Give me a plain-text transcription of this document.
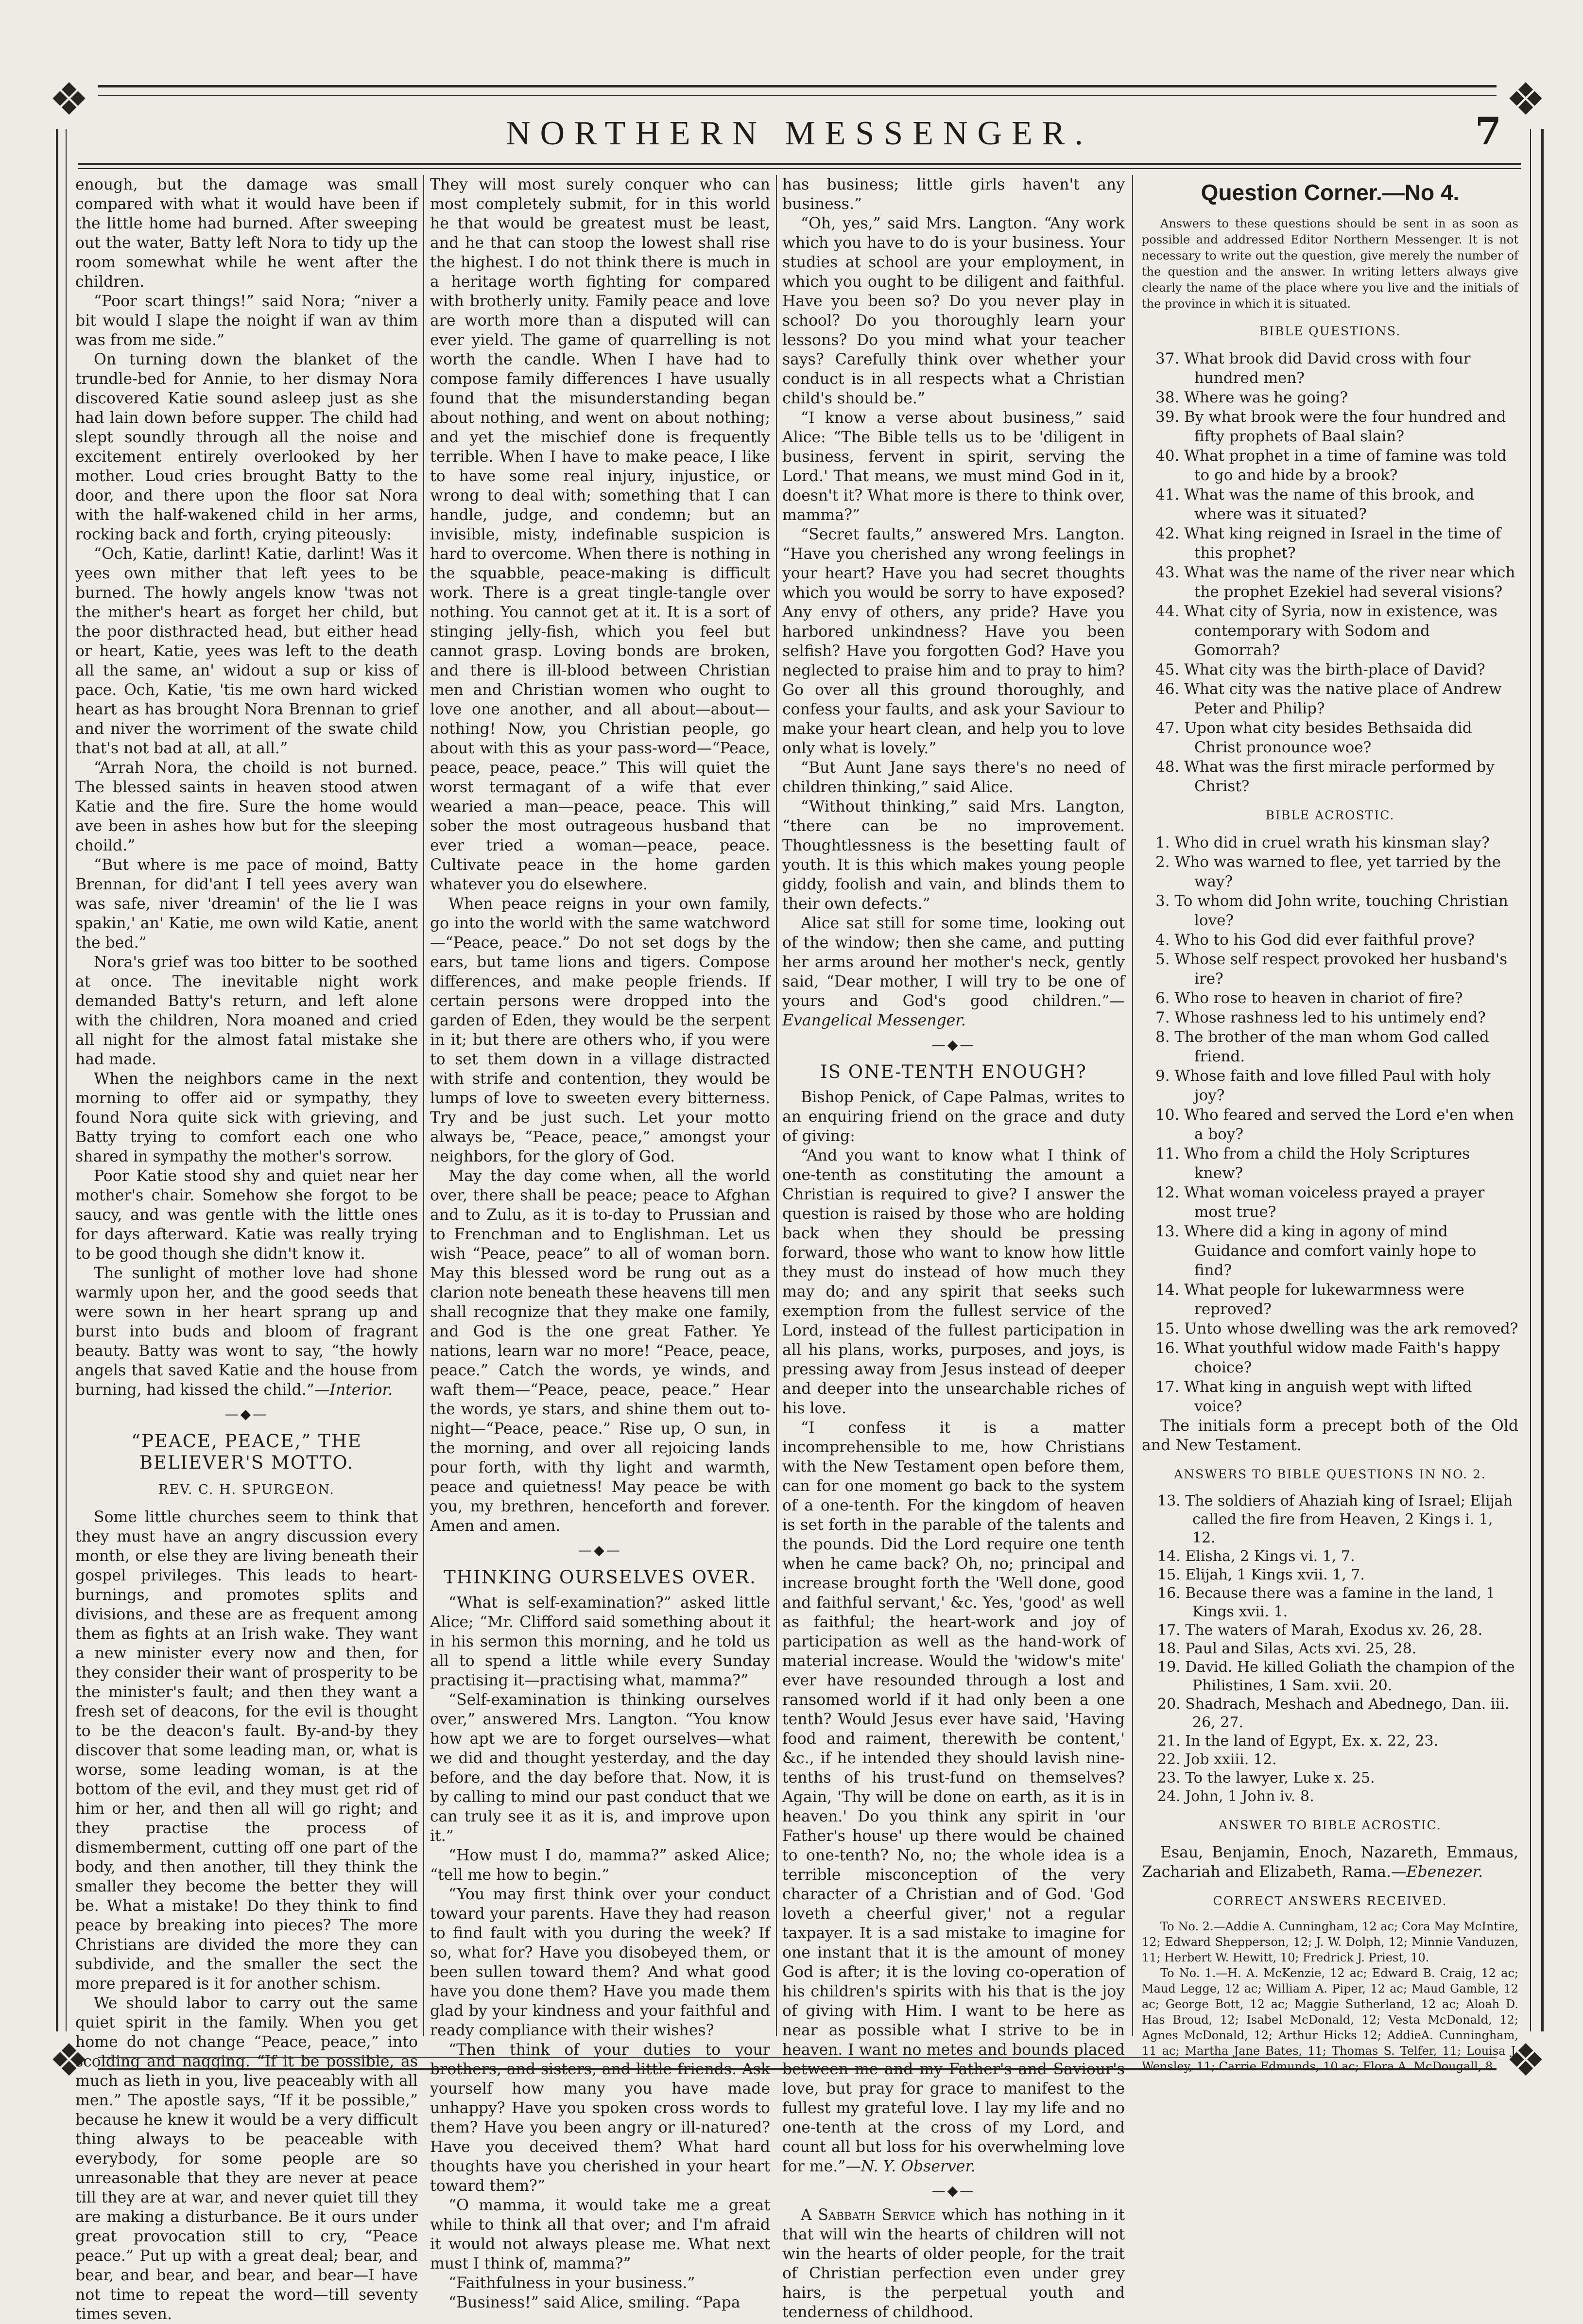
❖	❖
❖	❖
NORTHERN MESSENGER.	7

enough, but the damage was small compared with what it would have been if the little home had burned. After sweeping out the water, Batty left Nora to tidy up the room somewhat while he went after the children.

“Poor scart things!” said Nora; “niver a bit would I slape the noight if wan av thim was from me side.”

On turning down the blanket of the trundle-bed for Annie, to her dismay Nora discovered Katie sound asleep just as she had lain down before supper. The child had slept soundly through all the noise and excitement entirely overlooked by her mother. Loud cries brought Batty to the door, and there upon the floor sat Nora with the half-wakened child in her arms, rocking back and forth, crying piteously:

“Och, Katie, darlint! Katie, darlint! Was it yees own mither that left yees to be burned. The howly angels know 'twas not the mither's heart as forget her child, but the poor disthracted head, but either head or heart, Katie, yees was left to the death all the same, an' widout a sup or kiss of pace. Och, Katie, 'tis me own hard wicked heart as has brought Nora Brennan to grief and niver the worriment of the swate child that's not bad at all, at all.”

“Arrah Nora, the choild is not burned. The blessed saints in heaven stood atwen Katie and the fire. Sure the home would ave been in ashes how but for the sleeping choild.”

“But where is me pace of moind, Batty Brennan, for did'ant I tell yees avery wan was safe, niver 'dreamin' of the lie I was spakin,' an' Katie, me own wild Katie, anent the bed.”

Nora's grief was too bitter to be soothed at once. The inevitable night work demanded Batty's return, and left alone with the children, Nora moaned and cried all night for the almost fatal mistake she had made.

When the neighbors came in the next morning to offer aid or sympathy, they found Nora quite sick with grieving, and Batty trying to comfort each one who shared in sympathy the mother's sorrow.

Poor Katie stood shy and quiet near her mother's chair. Somehow she forgot to be saucy, and was gentle with the little ones for days afterward. Katie was really trying to be good though she didn't know it.

The sunlight of mother love had shone warmly upon her, and the good seeds that were sown in her heart sprang up and burst into buds and bloom of fragrant beauty. Batty was wont to say, “the howly angels that saved Katie and the house from burning, had kissed the child.”—Interior.

—◆—
“PEACE, PEACE,” THE BELIEVER'S MOTTO.
REV. C. H. SPURGEON.

Some little churches seem to think that they must have an angry discussion every month, or else they are living beneath their gospel privileges. This leads to heart-burnings, and promotes splits and divisions, and these are as frequent among them as fights at an Irish wake. They want a new minister every now and then, for they consider their want of prosperity to be the minister's fault; and then they want a fresh set of deacons, for the evil is thought to be the deacon's fault. By-and-by they discover that some leading man, or, what is worse, some leading woman, is at the bottom of the evil, and they must get rid of him or her, and then all will go right; and they practise the process of dismemberment, cutting off one part of the body, and then another, till they think the smaller they become the better they will be. What a mistake! Do they think to find peace by breaking into pieces? The more Christians are divided the more they can subdivide, and the smaller the sect the more prepared is it for another schism.

We should labor to carry out the same quiet spirit in the family. When you get home do not change “Peace, peace,” into scolding and nagging. “If it be possible, as much as lieth in you, live peaceably with all men.” The apostle says, “If it be possible,” because he knew it would be a very difficult thing always to be peaceable with everybody, for some people are so unreasonable that they are never at peace till they are at war, and never quiet till they are making a disturbance. Be it ours under great provocation still to cry, “Peace peace.” Put up with a great deal; bear, and bear, and bear, and bear, and bear—I have not time to repeat the word—till seventy times seven.

They will most surely conquer who can most completely submit, for in this world he that would be greatest must be least, and he that can stoop the lowest shall rise the highest. I do not think there is much in a heritage worth fighting for compared with brotherly unity. Family peace and love are worth more than a disputed will can ever yield. The game of quarrelling is not worth the candle. When I have had to compose family differences I have usually found that the misunderstanding began about nothing, and went on about nothing; and yet the mischief done is frequently terrible. When I have to make peace, I like to have some real injury, injustice, or wrong to deal with; something that I can handle, judge, and condemn; but an invisible, misty, indefinable suspicion is hard to overcome. When there is nothing in the squabble, peace-making is difficult work. There is a great tingle-tangle over nothing. You cannot get at it. It is a sort of stinging jelly-fish, which you feel but cannot grasp. Loving bonds are broken, and there is ill-blood between Christian men and Christian women who ought to love one another, and all about—about—nothing! Now, you Christian people, go about with this as your pass-word—“Peace, peace, peace, peace.” This will quiet the worst termagant of a wife that ever wearied a man—peace, peace. This will sober the most outrageous husband that ever tried a woman—peace, peace. Cultivate peace in the home garden whatever you do elsewhere.

When peace reigns in your own family, go into the world with the same watchword—“Peace, peace.” Do not set dogs by the ears, but tame lions and tigers. Compose differences, and make people friends. If certain persons were dropped into the garden of Eden, they would be the serpent in it; but there are others who, if you were to set them down in a village distracted with strife and contention, they would be lumps of love to sweeten every bitterness. Try and be just such. Let your motto always be, “Peace, peace,” amongst your neighbors, for the glory of God.

May the day come when, all the world over, there shall be peace; peace to Afghan and to Zulu, as it is to-day to Prussian and to Frenchman and to Englishman. Let us wish “Peace, peace” to all of woman born. May this blessed word be rung out as a clarion note beneath these heavens till men shall recognize that they make one family, and God is the one great Father. Ye nations, learn war no more! “Peace, peace, peace.” Catch the words, ye winds, and waft them—“Peace, peace, peace.” Hear the words, ye stars, and shine them out to-night—“Peace, peace.” Rise up, O sun, in the morning, and over all rejoicing lands pour forth, with thy light and warmth, peace and quietness! May peace be with you, my brethren, henceforth and forever. Amen and amen.

—◆—
THINKING OURSELVES OVER.

“What is self-examination?” asked little Alice; “Mr. Clifford said something about it in his sermon this morning, and he told us all to spend a little while every Sunday practising it—practising what, mamma?”

“Self-examination is thinking ourselves over,” answered Mrs. Langton. “You know how apt we are to forget ourselves—what we did and thought yesterday, and the day before, and the day before that. Now, it is by calling to mind our past conduct that we can truly see it as it is, and improve upon it.”

“How must I do, mamma?” asked Alice; “tell me how to begin.”

“You may first think over your conduct toward your parents. Have they had reason to find fault with you during the week? If so, what for? Have you disobeyed them, or been sullen toward them? And what good have you done them? Have you made them glad by your kindness and your faithful and ready compliance with their wishes?

“Then think of your duties to your brothers, and sisters, and little friends. Ask yourself how many you have made unhappy? Have you spoken cross words to them? Have you been angry or ill-natured? Have you deceived them? What hard thoughts have you cherished in your heart toward them?”

“O mamma, it would take me a great while to think all that over; and I'm afraid it would not always please me. What next must I think of, mamma?”

“Faithfulness in your business.”

“Business!” said Alice, smiling. “Papa

has business; little girls haven't any business.”

“Oh, yes,” said Mrs. Langton. “Any work which you have to do is your business. Your studies at school are your employment, in which you ought to be diligent and faithful. Have you been so? Do you never play in school? Do you thoroughly learn your lessons? Do you mind what your teacher says? Carefully think over whether your conduct is in all respects what a Christian child's should be.”

“I know a verse about business,” said Alice: “The Bible tells us to be 'diligent in business, fervent in spirit, serving the Lord.' That means, we must mind God in it, doesn't it? What more is there to think over, mamma?”

“Secret faults,” answered Mrs. Langton. “Have you cherished any wrong feelings in your heart? Have you had secret thoughts which you would be sorry to have exposed? Any envy of others, any pride? Have you harbored unkindness? Have you been selfish? Have you forgotten God? Have you neglected to praise him and to pray to him? Go over all this ground thoroughly, and confess your faults, and ask your Saviour to make your heart clean, and help you to love only what is lovely.”

“But Aunt Jane says there's no need of children thinking,” said Alice.

“Without thinking,” said Mrs. Langton, “there can be no improvement. Thoughtlessness is the besetting fault of youth. It is this which makes young people giddy, foolish and vain, and blinds them to their own defects.”

Alice sat still for some time, looking out of the window; then she came, and putting her arms around her mother's neck, gently said, “Dear mother, I will try to be one of yours and God's good children.”—Evangelical Messenger.

—◆—
IS ONE-TENTH ENOUGH?

Bishop Penick, of Cape Palmas, writes to an enquiring friend on the grace and duty of giving:

“And you want to know what I think of one-tenth as constituting the amount a Christian is required to give? I answer the question is raised by those who are holding back when they should be pressing forward, those who want to know how little they must do instead of how much they may do; and any spirit that seeks such exemption from the fullest service of the Lord, instead of the fullest participation in all his plans, works, purposes, and joys, is pressing away from Jesus instead of deeper and deeper into the unsearchable riches of his love.

“I confess it is a matter incomprehensible to me, how Christians with the New Testament open before them, can for one moment go back to the system of a one-tenth. For the kingdom of heaven is set forth in the parable of the talents and the pounds. Did the Lord require one tenth when he came back? Oh, no; principal and increase brought forth the 'Well done, good and faithful servant,' &c. Yes, 'good' as well as faithful; the heart-work and joy of participation as well as the hand-work of material increase. Would the 'widow's mite' ever have resounded through a lost and ransomed world if it had only been a one tenth? Would Jesus ever have said, 'Having food and raiment, therewith be content,' &c., if he intended they should lavish nine-tenths of his trust-fund on themselves? Again, 'Thy will be done on earth, as it is in heaven.' Do you think any spirit in 'our Father's house' up there would be chained to one-tenth? No, no; the whole idea is a terrible misconception of the very character of a Christian and of God. 'God loveth a cheerful giver,' not a regular taxpayer. It is a sad mistake to imagine for one instant that it is the amount of money God is after; it is the loving co-operation of his children's spirits with his that is the joy of giving with Him. I want to be here as near as possible what I strive to be in heaven. I want no metes and bounds placed between me and my Father's and Saviour's love, but pray for grace to manifest to the fullest my grateful love. I lay my life and no one-tenth at the cross of my Lord, and count all but loss for his overwhelming love for me.”—N. Y. Observer.

—◆—

A Sabbath Service which has nothing in it that will win the hearts of children will not win the hearts of older people, for the trait of Christian perfection even under grey hairs, is the perpetual youth and tenderness of childhood.

Question Corner.—No 4.

Answers to these questions should be sent in as soon as possible and addressed Editor Northern Messenger. It is not necessary to write out the question, give merely the number of the question and the answer. In writing letters always give clearly the name of the place where you live and the initials of the province in which it is situated.

BIBLE QUESTIONS.
37. What brook did David cross with four hundred men?
38. Where was he going?
39. By what brook were the four hundred and fifty prophets of Baal slain?
40. What prophet in a time of famine was told to go and hide by a brook?
41. What was the name of this brook, and where was it situated?
42. What king reigned in Israel in the time of this prophet?
43. What was the name of the river near which the prophet Ezekiel had several visions?
44. What city of Syria, now in existence, was contemporary with Sodom and Gomorrah?
45. What city was the birth-place of David?
46. What city was the native place of Andrew Peter and Philip?
47. Upon what city besides Bethsaida did Christ pronounce woe?
48. What was the first miracle performed by Christ?
BIBLE ACROSTIC.
1. Who did in cruel wrath his kinsman slay?
2. Who was warned to flee, yet tarried by the way?
3. To whom did John write, touching Christian love?
4. Who to his God did ever faithful prove?
5. Whose self respect provoked her husband's ire?
6. Who rose to heaven in chariot of fire?
7. Whose rashness led to his untimely end?
8. The brother of the man whom God called friend.
9. Whose faith and love filled Paul with holy joy?
10. Who feared and served the Lord e'en when a boy?
11. Who from a child the Holy Scriptures knew?
12. What woman voiceless prayed a prayer most true?
13. Where did a king in agony of mind Guidance and comfort vainly hope to find?
14. What people for lukewarmness were reproved?
15. Unto whose dwelling was the ark removed?
16. What youthful widow made Faith's happy choice?
17. What king in anguish wept with lifted voice?

The initials form a precept both of the Old and New Testament.

ANSWERS TO BIBLE QUESTIONS IN NO. 2.
13. The soldiers of Ahaziah king of Israel; Elijah called the fire from Heaven, 2 Kings i. 1, 12.
14. Elisha, 2 Kings vi. 1, 7.
15. Elijah, 1 Kings xvii. 1, 7.
16. Because there was a famine in the land, 1 Kings xvii. 1.
17. The waters of Marah, Exodus xv. 26, 28.
18. Paul and Silas, Acts xvi. 25, 28.
19. David. He killed Goliath the champion of the Philistines, 1 Sam. xvii. 20.
20. Shadrach, Meshach and Abednego, Dan. iii. 26, 27.
21. In the land of Egypt, Ex. x. 22, 23.
22. Job xxiii. 12.
23. To the lawyer, Luke x. 25.
24. John, 1 John iv. 8.
ANSWER TO BIBLE ACROSTIC.

Esau, Benjamin, Enoch, Nazareth, Emmaus, Zachariah and Elizabeth, Rama.—Ebenezer.

CORRECT ANSWERS RECEIVED.

To No. 2.—Addie A. Cunningham, 12 ac; Cora May McIntire, 12; Edward Shepperson, 12; J. W. Dolph, 12; Minnie Vanduzen, 11; Herbert W. Hewitt, 10; Fredrick J. Priest, 10.

To No. 1.—H. A. McKenzie, 12 ac; Edward B. Craig, 12 ac; Maud Legge, 12 ac; William A. Piper, 12 ac; Maud Gamble, 12 ac; George Bott, 12 ac; Maggie Sutherland, 12 ac; Aloah D. Has Broud, 12; Isabel McDonald, 12; Vesta McDonald, 12; Agnes McDonald, 12; Arthur Hicks 12; AddieA. Cunningham, 11 ac; Martha Jane Bates, 11; Thomas S. Telfer, 11; Louisa J. Wensley, 11; Carrie Edmunds, 10 ac; Flora A. McDougall, 8.
